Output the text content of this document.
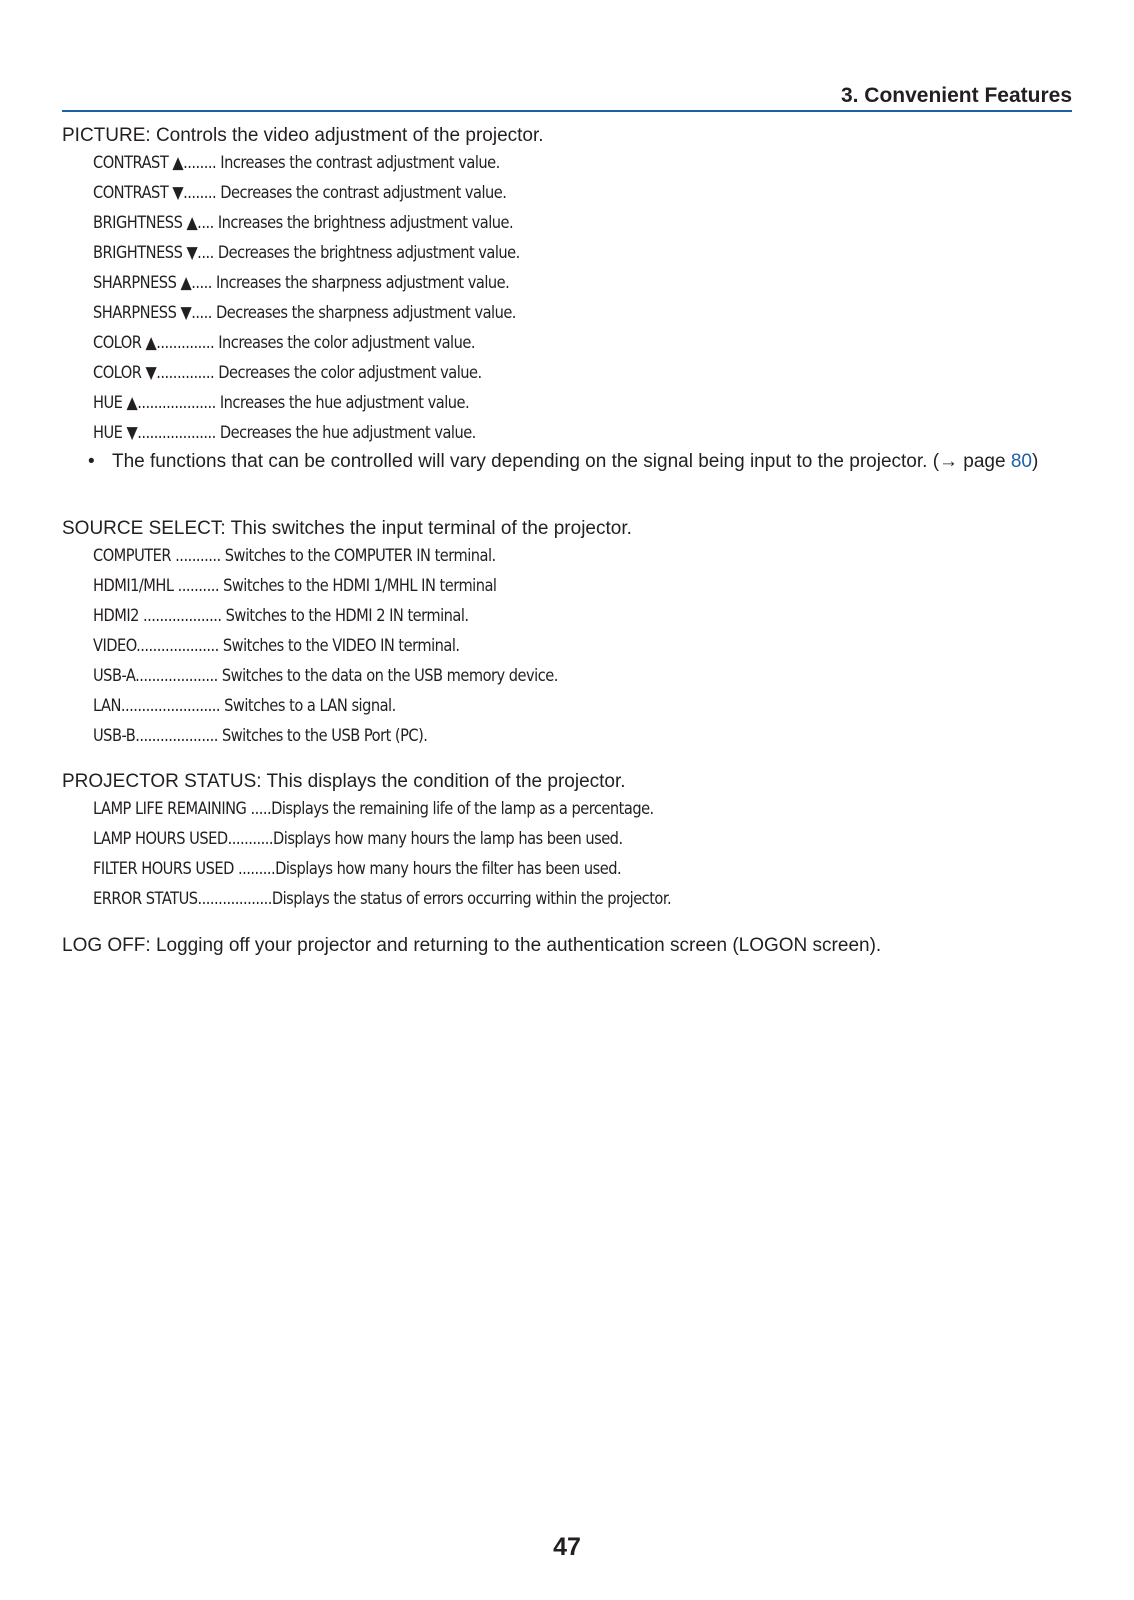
3. Convenient Features
PICTURE: Controls the video adjustment of the projector.
CONTRAST ▲........ Increases the contrast adjustment value.
CONTRAST ▼........ Decreases the contrast adjustment value.
BRIGHTNESS ▲.... Increases the brightness adjustment value.
BRIGHTNESS ▼.... Decreases the brightness adjustment value.
SHARPNESS ▲..... Increases the sharpness adjustment value.
SHARPNESS ▼..... Decreases the sharpness adjustment value.
COLOR ▲.............. Increases the color adjustment value.
COLOR ▼.............. Decreases the color adjustment value.
HUE ▲................... Increases the hue adjustment value.
HUE ▼................... Decreases the hue adjustment value.
• The functions that can be controlled will vary depending on the signal being input to the projector. (→ page 80)
SOURCE SELECT: This switches the input terminal of the projector.
COMPUTER ........... Switches to the COMPUTER IN terminal.
HDMI1/MHL .......... Switches to the HDMI 1/MHL IN terminal
HDMI2 ................... Switches to the HDMI 2 IN terminal.
VIDEO.................... Switches to the VIDEO IN terminal.
USB-A.................... Switches to the data on the USB memory device.
LAN........................ Switches to a LAN signal.
USB-B.................... Switches to the USB Port (PC).
PROJECTOR STATUS: This displays the condition of the projector.
LAMP LIFE REMAINING .....Displays the remaining life of the lamp as a percentage.
LAMP HOURS USED...........Displays how many hours the lamp has been used.
FILTER HOURS USED .........Displays how many hours the filter has been used.
ERROR STATUS..................Displays the status of errors occurring within the projector.
LOG OFF: Logging off your projector and returning to the authentication screen (LOGON screen).
47
